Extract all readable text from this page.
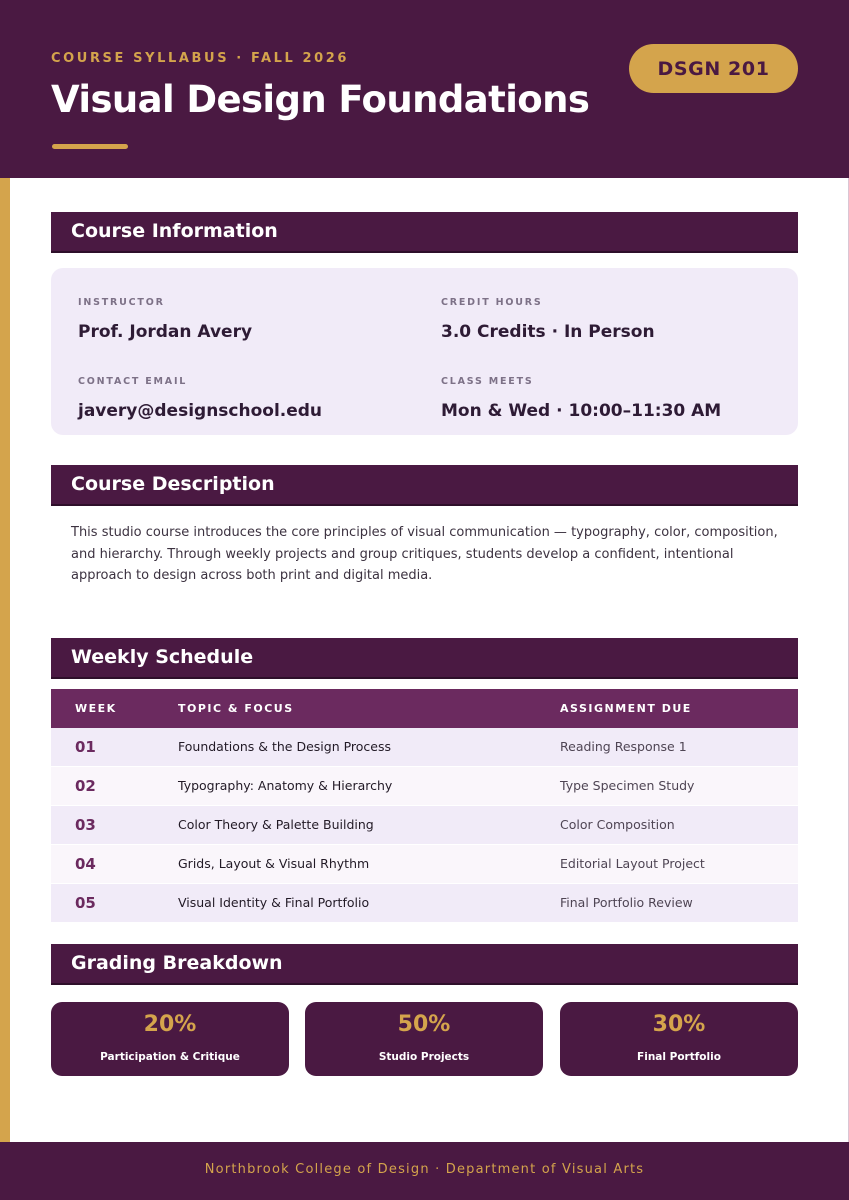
COURSE SYLLABUS · FALL 2026
Visual Design Foundations
DSGN 201
Course Information
INSTRUCTOR
Prof. Jordan Avery
CREDIT HOURS
3.0 Credits · In Person
CONTACT EMAIL
javery@designschool.edu
CLASS MEETS
Mon & Wed · 10:00–11:30 AM
Course Description
This studio course introduces the core principles of visual communication — typography, color, composition, and hierarchy. Through weekly projects and group critiques, students develop a confident, intentional approach to design across both print and digital media.
Weekly Schedule
WEEK	TOPIC & FOCUS	ASSIGNMENT DUE
01	Foundations & the Design Process	Reading Response 1
02	Typography: Anatomy & Hierarchy	Type Specimen Study
03	Color Theory & Palette Building	Color Composition
04	Grids, Layout & Visual Rhythm	Editorial Layout Project
05	Visual Identity & Final Portfolio	Final Portfolio Review
Grading Breakdown
20%
Participation & Critique
50%
Studio Projects
30%
Final Portfolio
Northbrook College of Design · Department of Visual Arts
